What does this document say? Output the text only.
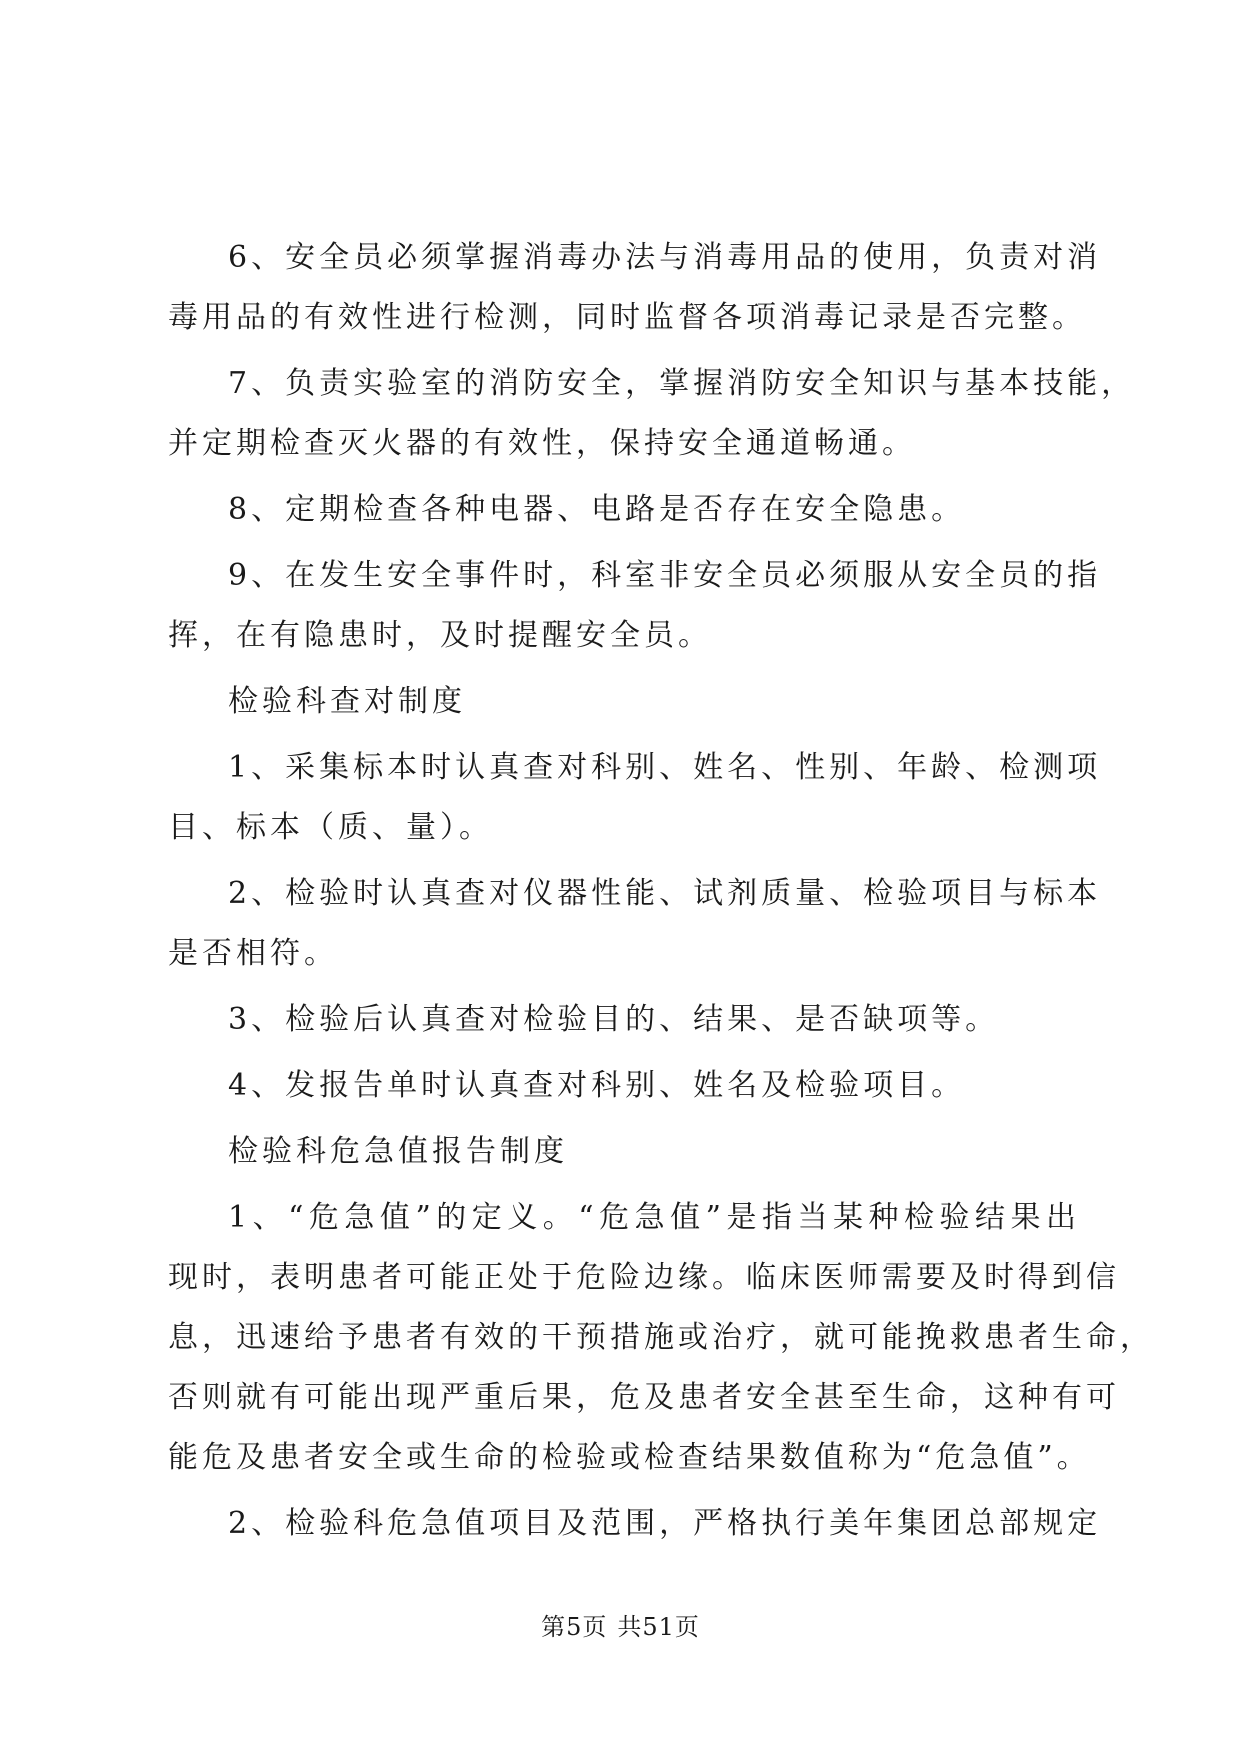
6、安全员必须掌握消毒办法与消毒用品的使用，负责对消
毒用品的有效性进行检测，同时监督各项消毒记录是否完整。
7、负责实验室的消防安全，掌握消防安全知识与基本技能，
并定期检查灭火器的有效性，保持安全通道畅通。
8、定期检查各种电器、电路是否存在安全隐患。
9、在发生安全事件时，科室非安全员必须服从安全员的指
挥，在有隐患时，及时提醒安全员。
检验科查对制度
1、采集标本时认真查对科别、姓名、性别、年龄、检测项
目、标本（质、量）。
2、检验时认真查对仪器性能、试剂质量、检验项目与标本
是否相符。
3、检验后认真查对检验目的、结果、是否缺项等。
4、发报告单时认真查对科别、姓名及检验项目。
检验科危急值报告制度
1、“危急值”的定义。“危急值”是指当某种检验结果出
现时，表明患者可能正处于危险边缘。临床医师需要及时得到信
息，迅速给予患者有效的干预措施或治疗，就可能挽救患者生命，
否则就有可能出现严重后果，危及患者安全甚至生命，这种有可
能危及患者安全或生命的检验或检查结果数值称为“危急值”。
2、检验科危急值项目及范围，严格执行美年集团总部规定
第5页 共51页
